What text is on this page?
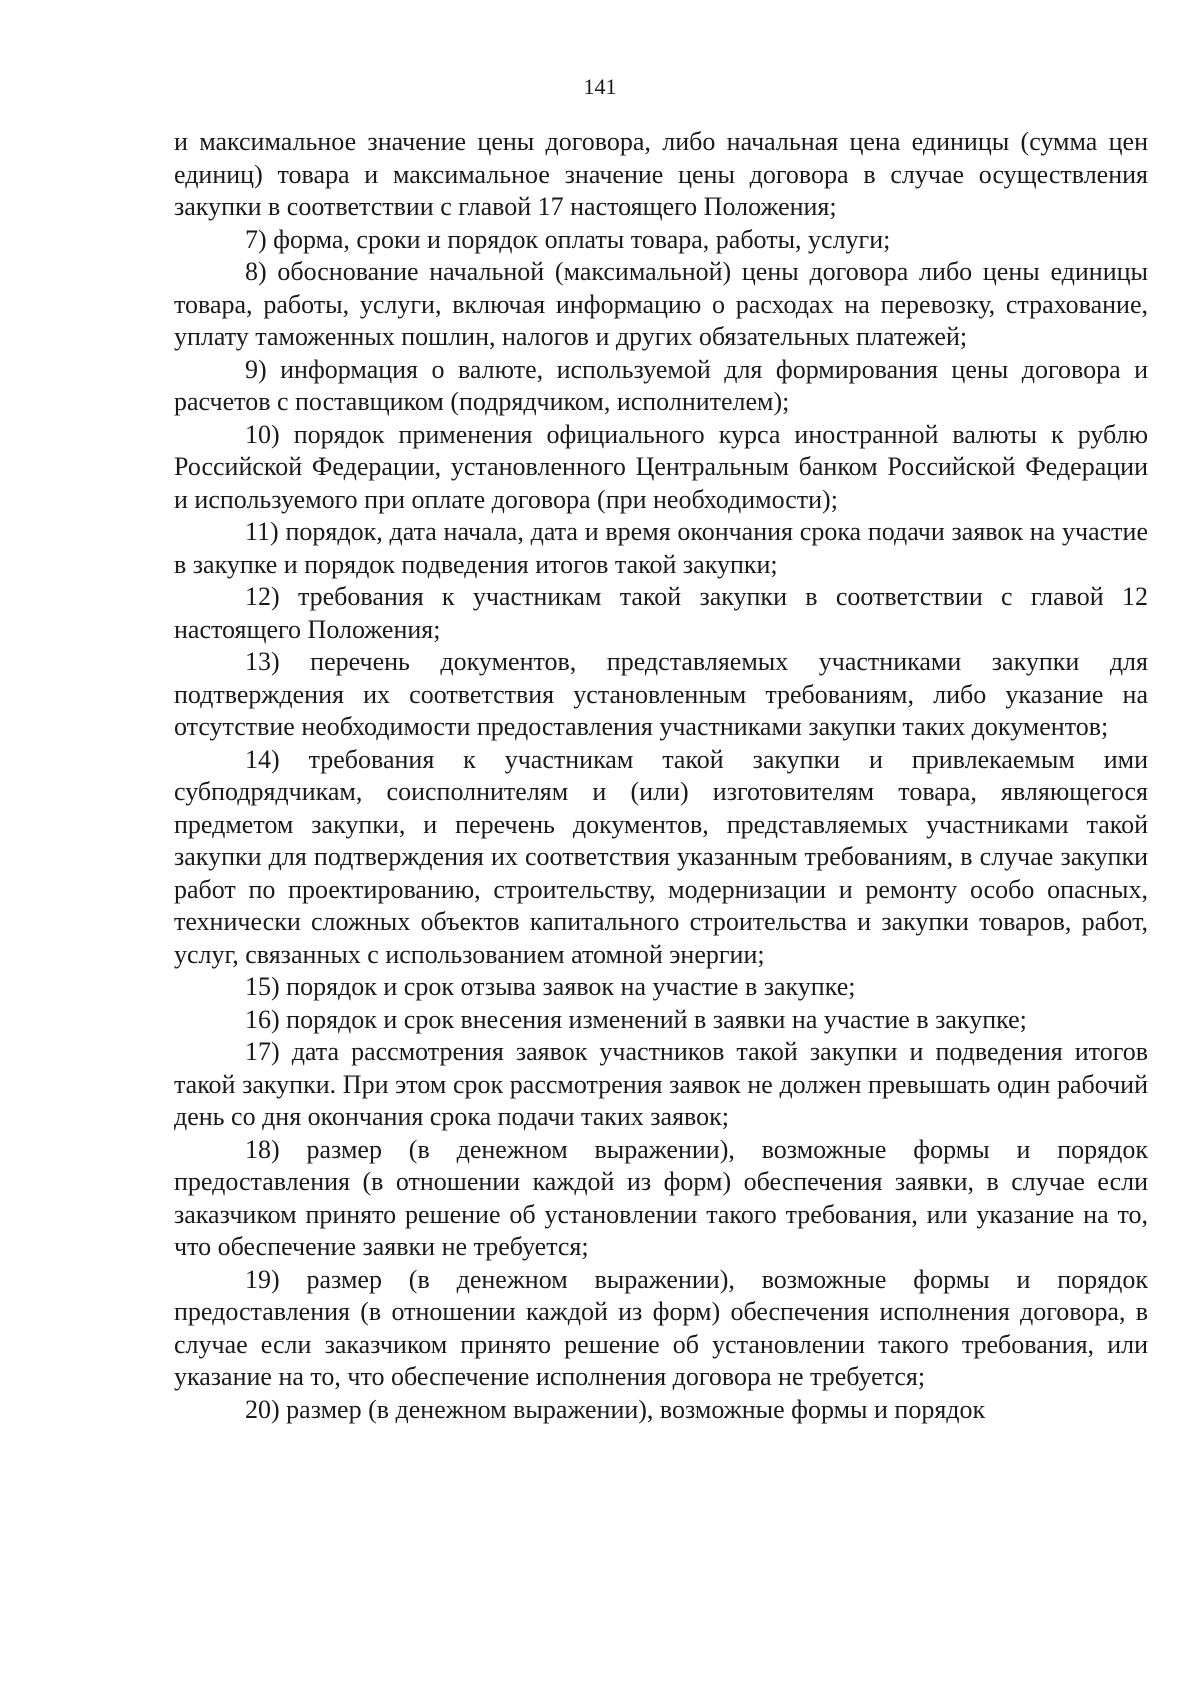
141

и максимальное значение цены договора, либо начальная цена единицы (сумма цен единиц) товара и максимальное значение цены договора в случае осуществления закупки в соответствии с главой 17 настоящего Положения;

7) форма, сроки и порядок оплаты товара, работы, услуги;

8) обоснование начальной (максимальной) цены договора либо цены единицы товара, работы, услуги, включая информацию о расходах на перевозку, страхование, уплату таможенных пошлин, налогов и других обязательных платежей;

9) информация о валюте, используемой для формирования цены договора и расчетов с поставщиком (подрядчиком, исполнителем);

10) порядок применения официального курса иностранной валюты к рублю Российской Федерации, установленного Центральным банком Российской Федерации и используемого при оплате договора (при необходимости);

11) порядок, дата начала, дата и время окончания срока подачи заявок на участие в закупке и порядок подведения итогов такой закупки;

12) требования к участникам такой закупки в соответствии с главой 12 настоящего Положения;

13) перечень документов, представляемых участниками закупки для подтверждения их соответствия установленным требованиям, либо указание на отсутствие необходимости предоставления участниками закупки таких документов;

14) требования к участникам такой закупки и привлекаемым ими субподрядчикам, соисполнителям и (или) изготовителям товара, являющегося предметом закупки, и перечень документов, представляемых участниками такой закупки для подтверждения их соответствия указанным требованиям, в случае закупки работ по проектированию, строительству, модернизации и ремонту особо опасных, технически сложных объектов капитального строительства и закупки товаров, работ, услуг, связанных с использованием атомной энергии;

15) порядок и срок отзыва заявок на участие в закупке;

16) порядок и срок внесения изменений в заявки на участие в закупке;

17) дата рассмотрения заявок участников такой закупки и подведения итогов такой закупки. При этом срок рассмотрения заявок не должен превышать один рабочий день со дня окончания срока подачи таких заявок;

18) размер (в денежном выражении), возможные формы и порядок предоставления (в отношении каждой из форм) обеспечения заявки, в случае если заказчиком принято решение об установлении такого требования, или указание на то, что обеспечение заявки не требуется;

19) размер (в денежном выражении), возможные формы и порядок предоставления (в отношении каждой из форм) обеспечения исполнения договора, в случае если заказчиком принято решение об установлении такого требования, или указание на то, что обеспечение исполнения договора не требуется;

20) размер (в денежном выражении), возможные формы и порядок
